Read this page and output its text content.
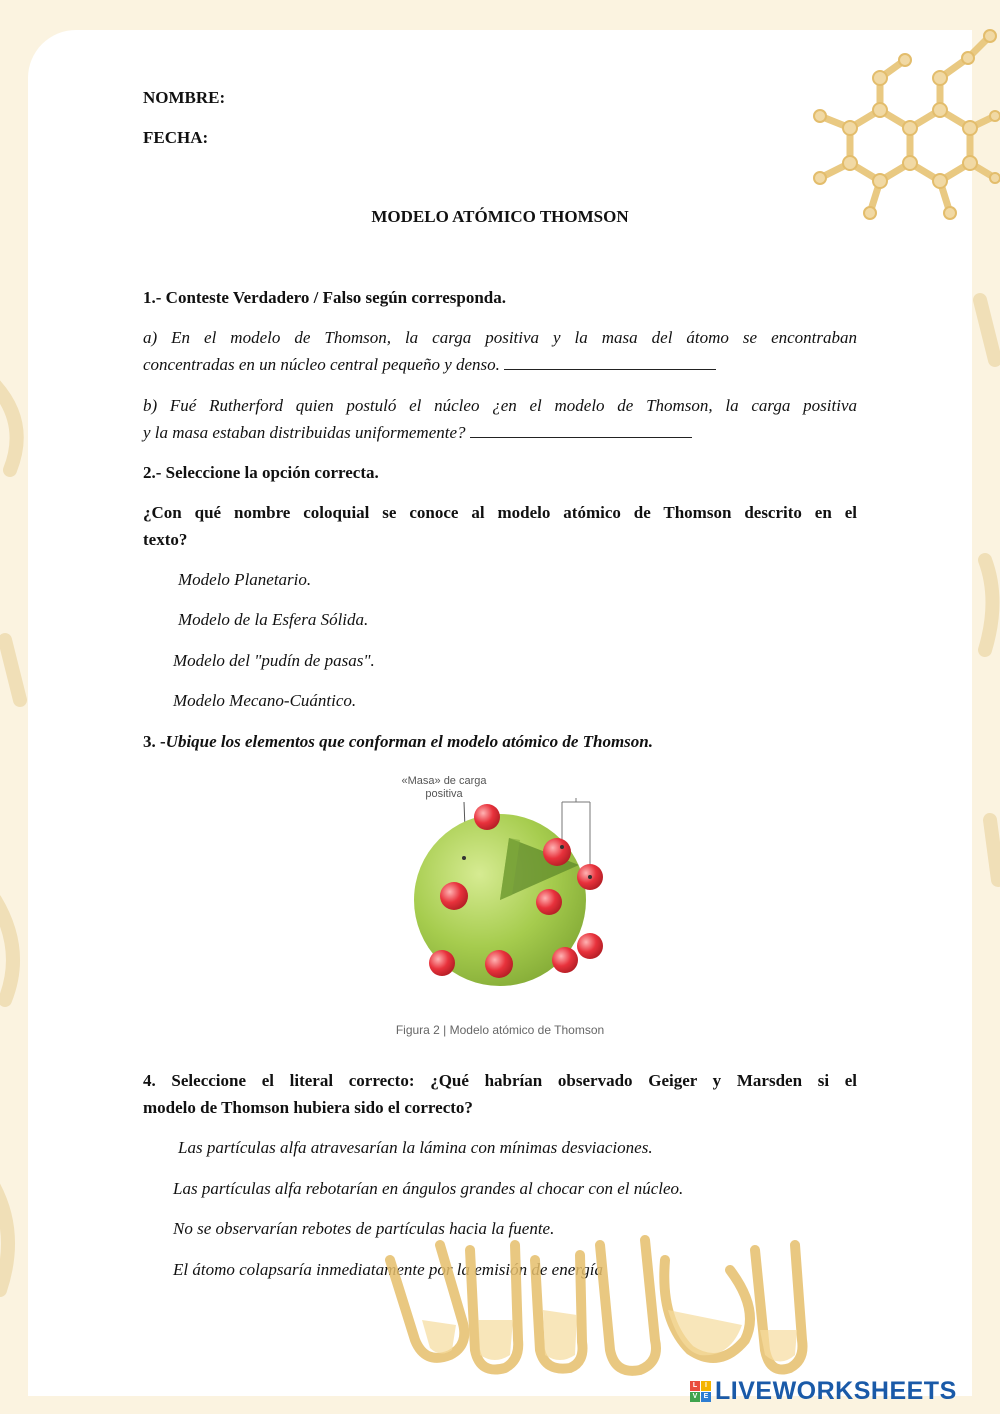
NOMBRE:
FECHA:
MODELO ATÓMICO THOMSON
1.- Conteste Verdadero / Falso según corresponda.
a) En el modelo de Thomson, la carga positiva y la masa del átomo se encontraban
concentradas en un núcleo central pequeño y denso.
b) Fué Rutherford quien postuló el núcleo ¿en el modelo de Thomson, la carga positiva
y la masa estaban distribuidas uniformemente?
2.- Seleccione la opción correcta.
¿Con qué nombre coloquial se conoce al modelo atómico de Thomson descrito en el
texto?
Modelo Planetario.
Modelo de la Esfera Sólida.
Modelo del "pudín de pasas".
Modelo Mecano-Cuántico.
3. -Ubique los elementos que conforman el modelo atómico de Thomson.
4. Seleccione el literal correcto: ¿Qué habrían observado Geiger y Marsden si el
modelo de Thomson hubiera sido el correcto?
Las partículas alfa atravesarían la lámina con mínimas desviaciones.
Las partículas alfa rebotarían en ángulos grandes al chocar con el núcleo.
No se observarían rebotes de partículas hacia la fuente.
El átomo colapsaría inmediatamente por la emisión de energía
«Masa» de carga
positiva
Figura 2 | Modelo atómico de Thomson
L	I
V E LIVEWORKSHEETS
